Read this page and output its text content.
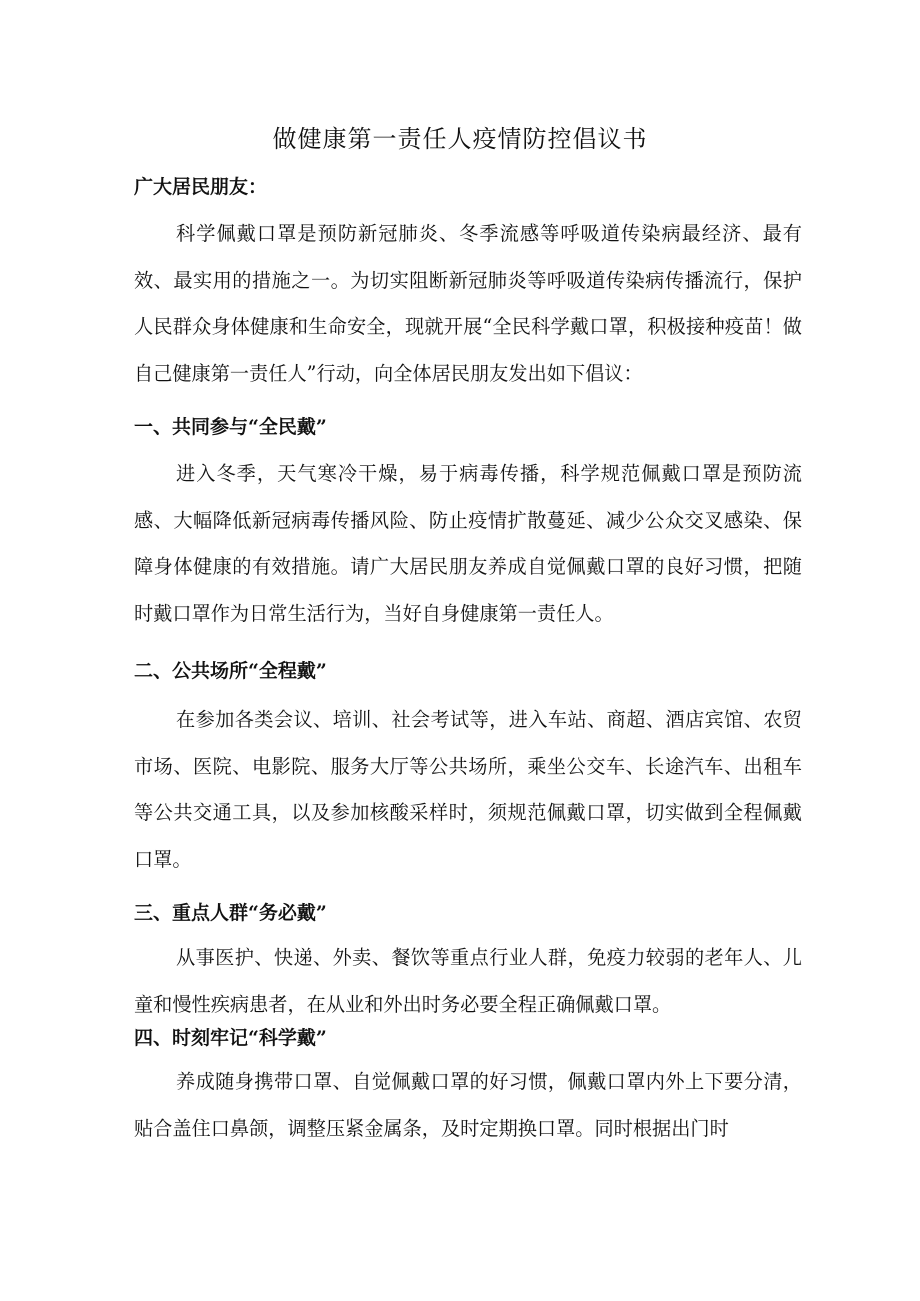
做健康第一责任人疫情防控倡议书

广大居民朋友：

科学佩戴口罩是预防新冠肺炎、冬季流感等呼吸道传染病最经济、最有效、最实用的措施之一。为切实阻断新冠肺炎等呼吸道传染病传播流行，保护人民群众身体健康和生命安全，现就开展“全民科学戴口罩，积极接种疫苗！做自己健康第一责任人”行动，向全体居民朋友发出如下倡议：

一、共同参与“全民戴”

进入冬季，天气寒冷干燥，易于病毒传播，科学规范佩戴口罩是预防流感、大幅降低新冠病毒传播风险、防止疫情扩散蔓延、减少公众交叉感染、保障身体健康的有效措施。请广大居民朋友养成自觉佩戴口罩的良好习惯，把随时戴口罩作为日常生活行为，当好自身健康第一责任人。

二、公共场所“全程戴”

在参加各类会议、培训、社会考试等，进入车站、商超、酒店宾馆、农贸市场、医院、电影院、服务大厅等公共场所，乘坐公交车、长途汽车、出租车等公共交通工具，以及参加核酸采样时，须规范佩戴口罩，切实做到全程佩戴口罩。

三、重点人群“务必戴”

从事医护、快递、外卖、餐饮等重点行业人群，免疫力较弱的老年人、儿童和慢性疾病患者，在从业和外出时务必要全程正确佩戴口罩。

四、时刻牢记“科学戴”

养成随身携带口罩、自觉佩戴口罩的好习惯，佩戴口罩内外上下要分清，贴合盖住口鼻颌，调整压紧金属条，及时定期换口罩。同时根据出门时
